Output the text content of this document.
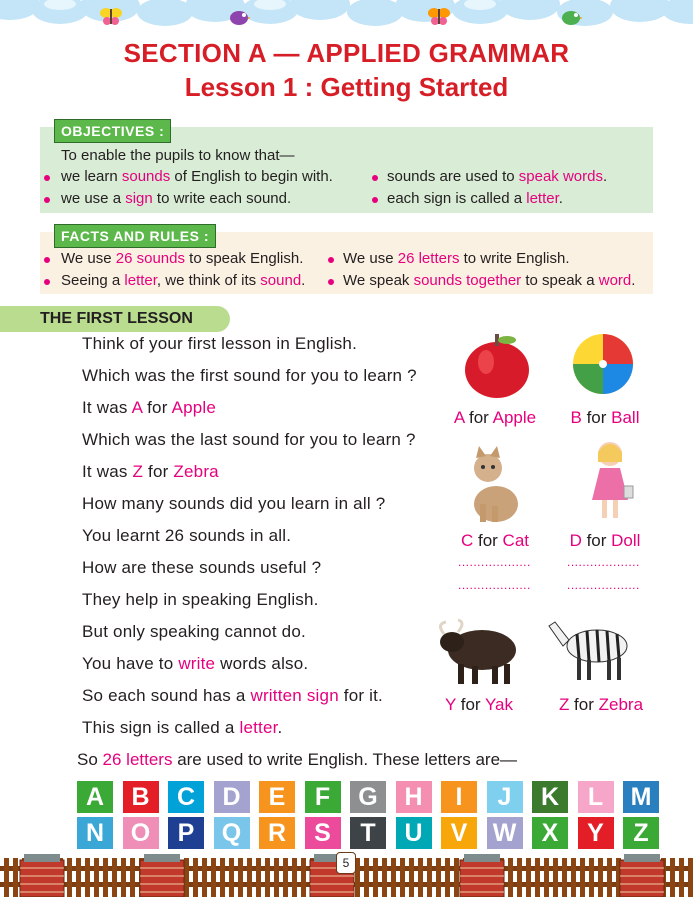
SECTION A — APPLIED GRAMMAR
Lesson 1 : Getting Started
OBJECTIVES :
To enable the pupils to know that—
we learn sounds of English to begin with.	sounds are used to speak words.
we use a sign to write each sound.	each sign is called a letter.
FACTS AND RULES :
We use 26 sounds to speak English.	We use 26 letters to write English.
Seeing a letter, we think of its sound.	We speak sounds together to speak a word.
THE FIRST LESSON
Think of your first lesson in English.
Which was the first sound for you to learn ?
It was A for Apple
Which was the last sound for you to learn ?
It was Z for Zebra
How many sounds did you learn in all ?
You learnt 26 sounds in all.
How are these sounds useful ?
They help in speaking English.
But only speaking cannot do.
You have to write words also.
So each sound has a written sign for it.
This sign is called a letter.
A for Apple	B for Ball
C for Cat	D for Doll
...................	...................
...................	...................
Y for Yak	Z for Zebra
So 26 letters are used to write English. These letters are—
A	B	C	D	E	F	G	H	I	J	K	L	M
N	O	P	Q	R	S	T	U	V	W	X	Y	Z
5
